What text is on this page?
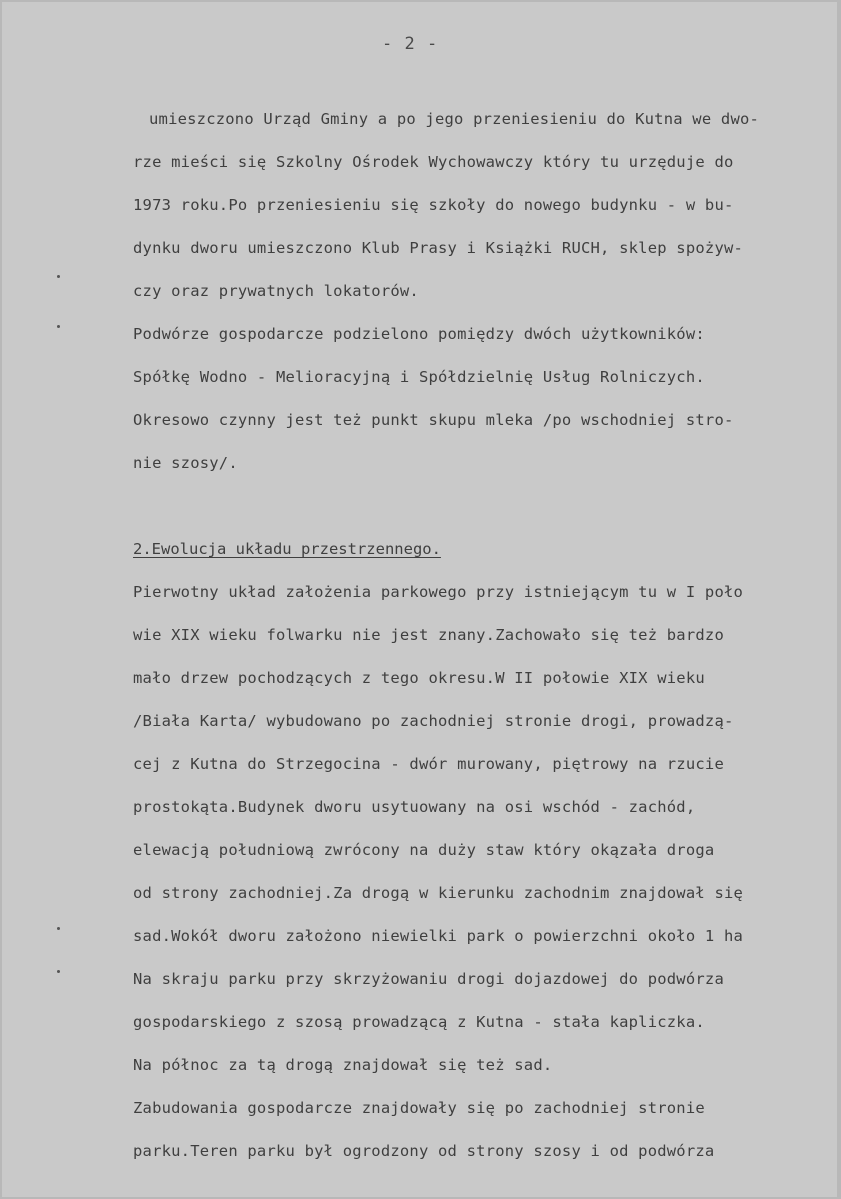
- 2 -
umieszczono Urząd Gminy a po jego przeniesieniu do Kutna we dwo-
rze mieści się Szkolny Ośrodek Wychowawczy który tu urzęduje do
1973 roku.Po przeniesieniu się szkoły do nowego budynku - w bu-
dynku dworu umieszczono Klub Prasy i Książki RUCH, sklep spożyw-
czy oraz prywatnych lokatorów.
Podwórze gospodarcze podzielono pomiędzy dwóch użytkowników:
Spółkę Wodno - Melioracyjną i Spółdzielnię Usług Rolniczych.
Okresowo czynny jest też punkt skupu mleka /po wschodniej stro-
nie szosy/.
2.Ewolucja układu przestrzennego.
Pierwotny układ założenia parkowego przy istniejącym tu w I poło
wie XIX wieku folwarku nie jest znany.Zachowało się też bardzo
mało drzew pochodzących z tego okresu.W II połowie XIX wieku
/Biała Karta/ wybudowano po zachodniej stronie drogi, prowadzą-
cej z Kutna do Strzegocina - dwór murowany, piętrowy na rzucie
prostokąta.Budynek dworu usytuowany na osi wschód - zachód,
elewacją południową zwrócony na duży staw który okązała droga
od strony zachodniej.Za drogą w kierunku zachodnim znajdował się
sad.Wokół dworu założono niewielki park o powierzchni około 1 ha
Na skraju parku przy skrzyżowaniu drogi dojazdowej do podwórza
gospodarskiego z szosą prowadzącą z Kutna - stała kapliczka.
Na północ za tą drogą znajdował się też sad.
Zabudowania gospodarcze znajdowały się po zachodniej stronie
parku.Teren parku był ogrodzony od strony szosy i od podwórza
